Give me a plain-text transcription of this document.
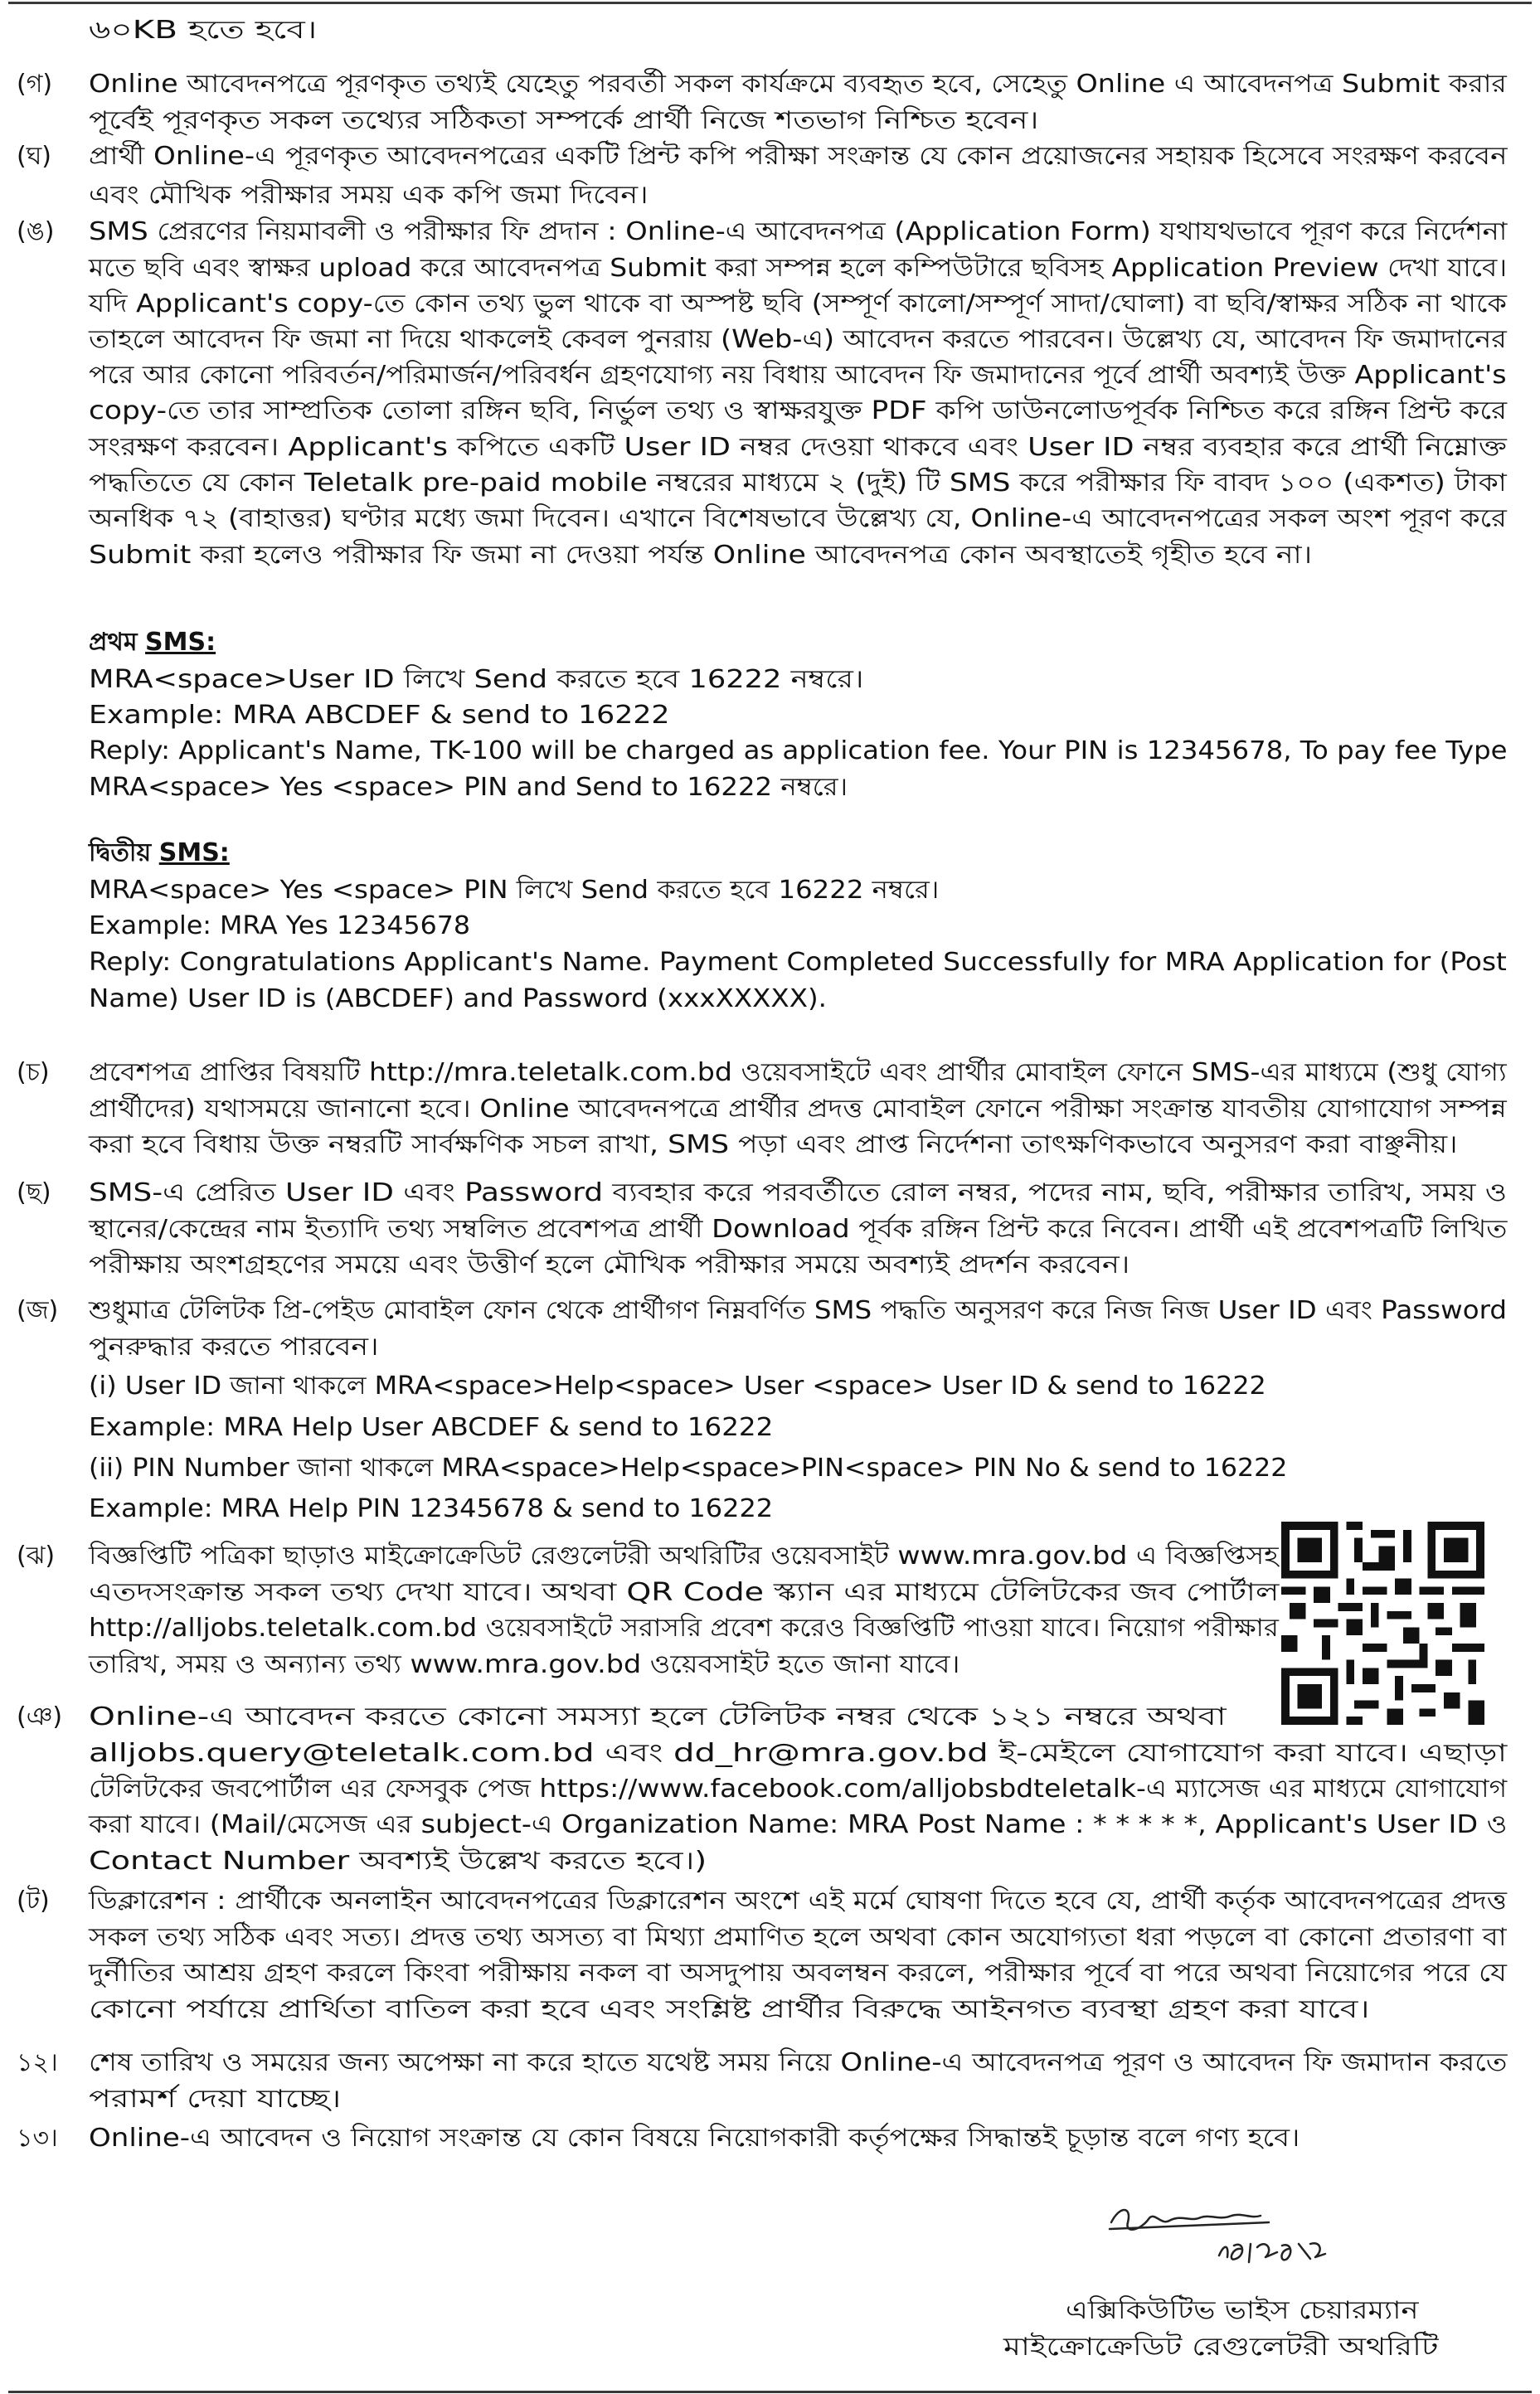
(গ)
(ঘ)
(ঙ)
(চ)
(ছ)
(জ)
(ঝ)
(ঞ)
(ট)
১২।
১৩।
প্রথম SMS:
দ্বিতীয় SMS:
৬০KB হতে হবে।
Online আবেদনপত্রে পূরণকৃত তথ্যই যেহেতু পরবর্তী সকল কার্যক্রমে ব্যবহৃত হবে, সেহেতু Online এ আবেদনপত্র Submit করার
পূর্বেই পূরণকৃত সকল তথ্যের সঠিকতা সম্পর্কে প্রার্থী নিজে শতভাগ নিশ্চিত হবেন।
প্রার্থী Online-এ পূরণকৃত আবেদনপত্রের একটি প্রিন্ট কপি পরীক্ষা সংক্রান্ত যে কোন প্রয়োজনের সহায়ক হিসেবে সংরক্ষণ করবেন
এবং মৌখিক পরীক্ষার সময় এক কপি জমা দিবেন।
SMS প্রেরণের নিয়মাবলী ও পরীক্ষার ফি প্রদান : Online-এ আবেদনপত্র (Application Form) যথাযথভাবে পূরণ করে নির্দেশনা
মতে ছবি এবং স্বাক্ষর upload করে আবেদনপত্র Submit করা সম্পন্ন হলে কম্পিউটারে ছবিসহ Application Preview দেখা যাবে।
যদি Applicant's copy-তে কোন তথ্য ভুল থাকে বা অস্পষ্ট ছবি (সম্পূর্ণ কালো/সম্পূর্ণ সাদা/ঘোলা) বা ছবি/স্বাক্ষর সঠিক না থাকে
তাহলে আবেদন ফি জমা না দিয়ে থাকলেই কেবল পুনরায় (Web-এ) আবেদন করতে পারবেন। উল্লেখ্য যে, আবেদন ফি জমাদানের
পরে আর কোনো পরিবর্তন/পরিমার্জন/পরিবর্ধন গ্রহণযোগ্য নয় বিধায় আবেদন ফি জমাদানের পূর্বে প্রার্থী অবশ্যই উক্ত Applicant's
copy-তে তার সাম্প্রতিক তোলা রঙ্গিন ছবি, নির্ভুল তথ্য ও স্বাক্ষরযুক্ত PDF কপি ডাউনলোডপূর্বক নিশ্চিত করে রঙ্গিন প্রিন্ট করে
সংরক্ষণ করবেন। Applicant's কপিতে একটি User ID নম্বর দেওয়া থাকবে এবং User ID নম্বর ব্যবহার করে প্রার্থী নিম্নোক্ত
পদ্ধতিতে যে কোন Teletalk pre-paid mobile নম্বরের মাধ্যমে ২ (দুই) টি SMS করে পরীক্ষার ফি বাবদ ১০০ (একশত) টাকা
অনধিক ৭২ (বাহাত্তর) ঘণ্টার মধ্যে জমা দিবেন। এখানে বিশেষভাবে উল্লেখ্য যে, Online-এ আবেদনপত্রের সকল অংশ পূরণ করে
Submit করা হলেও পরীক্ষার ফি জমা না দেওয়া পর্যন্ত Online আবেদনপত্র কোন অবস্থাতেই গৃহীত হবে না।
MRA<space>User ID লিখে Send করতে হবে 16222 নম্বরে।
Example: MRA ABCDEF & send to 16222
Reply: Applicant's Name, TK-100 will be charged as application fee. Your PIN is 12345678, To pay fee Type
MRA<space> Yes <space> PIN and Send to 16222 নম্বরে।
MRA<space> Yes <space> PIN লিখে Send করতে হবে 16222 নম্বরে।
Example: MRA Yes 12345678
Reply: Congratulations Applicant's Name. Payment Completed Successfully for MRA Application for (Post
Name) User ID is (ABCDEF) and Password (xxxXXXXX).
প্রবেশপত্র প্রাপ্তির বিষয়টি http://mra.teletalk.com.bd ওয়েবসাইটে এবং প্রার্থীর মোবাইল ফোনে SMS-এর মাধ্যমে (শুধু যোগ্য
প্রার্থীদের) যথাসময়ে জানানো হবে। Online আবেদনপত্রে প্রার্থীর প্রদত্ত মোবাইল ফোনে পরীক্ষা সংক্রান্ত যাবতীয় যোগাযোগ সম্পন্ন
করা হবে বিধায় উক্ত নম্বরটি সার্বক্ষণিক সচল রাখা, SMS পড়া এবং প্রাপ্ত নির্দেশনা তাৎক্ষণিকভাবে অনুসরণ করা বাঞ্ছনীয়।
SMS-এ প্রেরিত User ID এবং Password ব্যবহার করে পরবর্তীতে রোল নম্বর, পদের নাম, ছবি, পরীক্ষার তারিখ, সময় ও
স্থানের/কেন্দ্রের নাম ইত্যাদি তথ্য সম্বলিত প্রবেশপত্র প্রার্থী Download পূর্বক রঙ্গিন প্রিন্ট করে নিবেন। প্রার্থী এই প্রবেশপত্রটি লিখিত
পরীক্ষায় অংশগ্রহণের সময়ে এবং উত্তীর্ণ হলে মৌখিক পরীক্ষার সময়ে অবশ্যই প্রদর্শন করবেন।
শুধুমাত্র টেলিটক প্রি-পেইড মোবাইল ফোন থেকে প্রার্থীগণ নিম্নবর্ণিত SMS পদ্ধতি অনুসরণ করে নিজ নিজ User ID এবং Password
পুনরুদ্ধার করতে পারবেন।
(i) User ID জানা থাকলে MRA<space>Help<space> User <space> User ID & send to 16222
Example: MRA Help User ABCDEF & send to 16222
(ii) PIN Number জানা থাকলে MRA<space>Help<space>PIN<space> PIN No & send to 16222
Example: MRA Help PIN 12345678 & send to 16222
বিজ্ঞপ্তিটি পত্রিকা ছাড়াও মাইক্রোক্রেডিট রেগুলেটরী অথরিটির ওয়েবসাইট www.mra.gov.bd এ বিজ্ঞপ্তিসহ
এতদসংক্রান্ত সকল তথ্য দেখা যাবে। অথবা QR Code স্ক্যান এর মাধ্যমে টেলিটকের জব পোর্টাল
http://alljobs.teletalk.com.bd ওয়েবসাইটে সরাসরি প্রবেশ করেও বিজ্ঞপ্তিটি পাওয়া যাবে। নিয়োগ পরীক্ষার
তারিখ, সময় ও অন্যান্য তথ্য www.mra.gov.bd ওয়েবসাইট হতে জানা যাবে।
Online-এ আবেদন করতে কোনো সমস্যা হলে টেলিটক নম্বর থেকে ১২১ নম্বরে অথবা
alljobs.query@teletalk.com.bd এবং dd_hr@mra.gov.bd ই-মেইলে যোগাযোগ করা যাবে। এছাড়া
টেলিটকের জবপোর্টাল এর ফেসবুক পেজ https://www.facebook.com/alljobsbdteletalk-এ ম্যাসেজ এর মাধ্যমে যোগাযোগ
করা যাবে। (Mail/মেসেজ এর subject-এ Organization Name: MRA Post Name : * * * * *, Applicant's User ID ও
Contact Number অবশ্যই উল্লেখ করতে হবে।)
ডিক্লারেশন : প্রার্থীকে অনলাইন আবেদনপত্রের ডিক্লারেশন অংশে এই মর্মে ঘোষণা দিতে হবে যে, প্রার্থী কর্তৃক আবেদনপত্রের প্রদত্ত
সকল তথ্য সঠিক এবং সত্য। প্রদত্ত তথ্য অসত্য বা মিথ্যা প্রমাণিত হলে অথবা কোন অযোগ্যতা ধরা পড়লে বা কোনো প্রতারণা বা
দুর্নীতির আশ্রয় গ্রহণ করলে কিংবা পরীক্ষায় নকল বা অসদুপায় অবলম্বন করলে, পরীক্ষার পূর্বে বা পরে অথবা নিয়োগের পরে যে
কোনো পর্যায়ে প্রার্থিতা বাতিল করা হবে এবং সংশ্লিষ্ট প্রার্থীর বিরুদ্ধে আইনগত ব্যবস্থা গ্রহণ করা যাবে।
শেষ তারিখ ও সময়ের জন্য অপেক্ষা না করে হাতে যথেষ্ট সময় নিয়ে Online-এ আবেদনপত্র পূরণ ও আবেদন ফি জমাদান করতে
পরামর্শ দেয়া যাচ্ছে।
Online-এ আবেদন ও নিয়োগ সংক্রান্ত যে কোন বিষয়ে নিয়োগকারী কর্তৃপক্ষের সিদ্ধান্তই চূড়ান্ত বলে গণ্য হবে।
এক্সিকিউটিভ ভাইস চেয়ারম্যান
মাইক্রোক্রেডিট রেগুলেটরী অথরিটি
